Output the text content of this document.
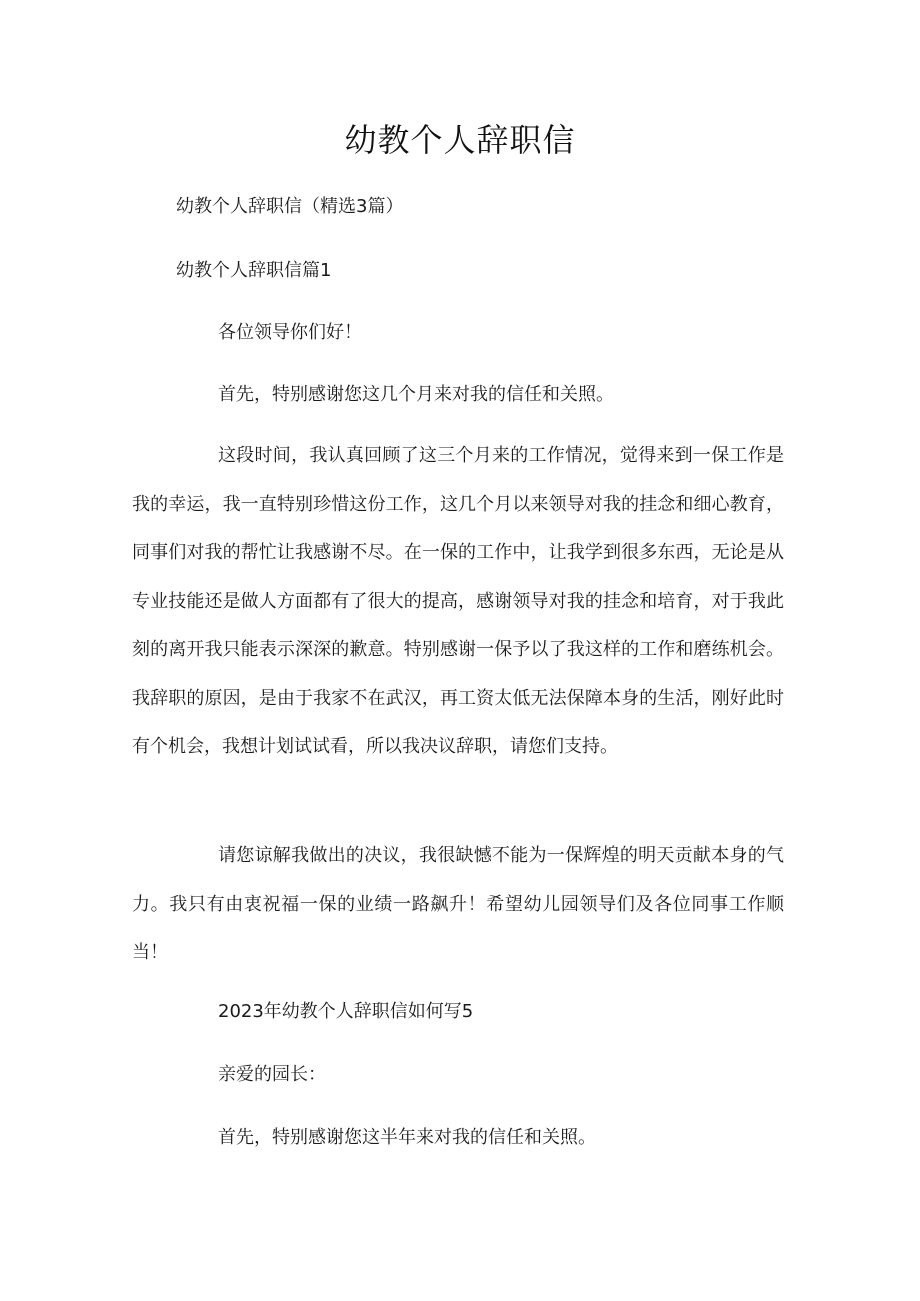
幼教个人辞职信
幼教个人辞职信（精选3篇）
幼教个人辞职信篇1
各位领导你们好！
首先，特别感谢您这几个月来对我的信任和关照。
这段时间，我认真回顾了这三个月来的工作情况，觉得来到一保工作是我的幸运，我一直特别珍惜这份工作，这几个月以来领导对我的挂念和细心教育，同事们对我的帮忙让我感谢不尽。在一保的工作中，让我学到很多东西，无论是从专业技能还是做人方面都有了很大的提高，感谢领导对我的挂念和培育，对于我此刻的离开我只能表示深深的歉意。特别感谢一保予以了我这样的工作和磨练机会。我辞职的原因，是由于我家不在武汉，再工资太低无法保障本身的生活，刚好此时有个机会，我想计划试试看，所以我决议辞职，请您们支持。
请您谅解我做出的决议，我很缺憾不能为一保辉煌的明天贡献本身的气力。我只有由衷祝福一保的业绩一路飙升！希望幼儿园领导们及各位同事工作顺当！
2023年幼教个人辞职信如何写5
亲爱的园长：
首先，特别感谢您这半年来对我的信任和关照。
